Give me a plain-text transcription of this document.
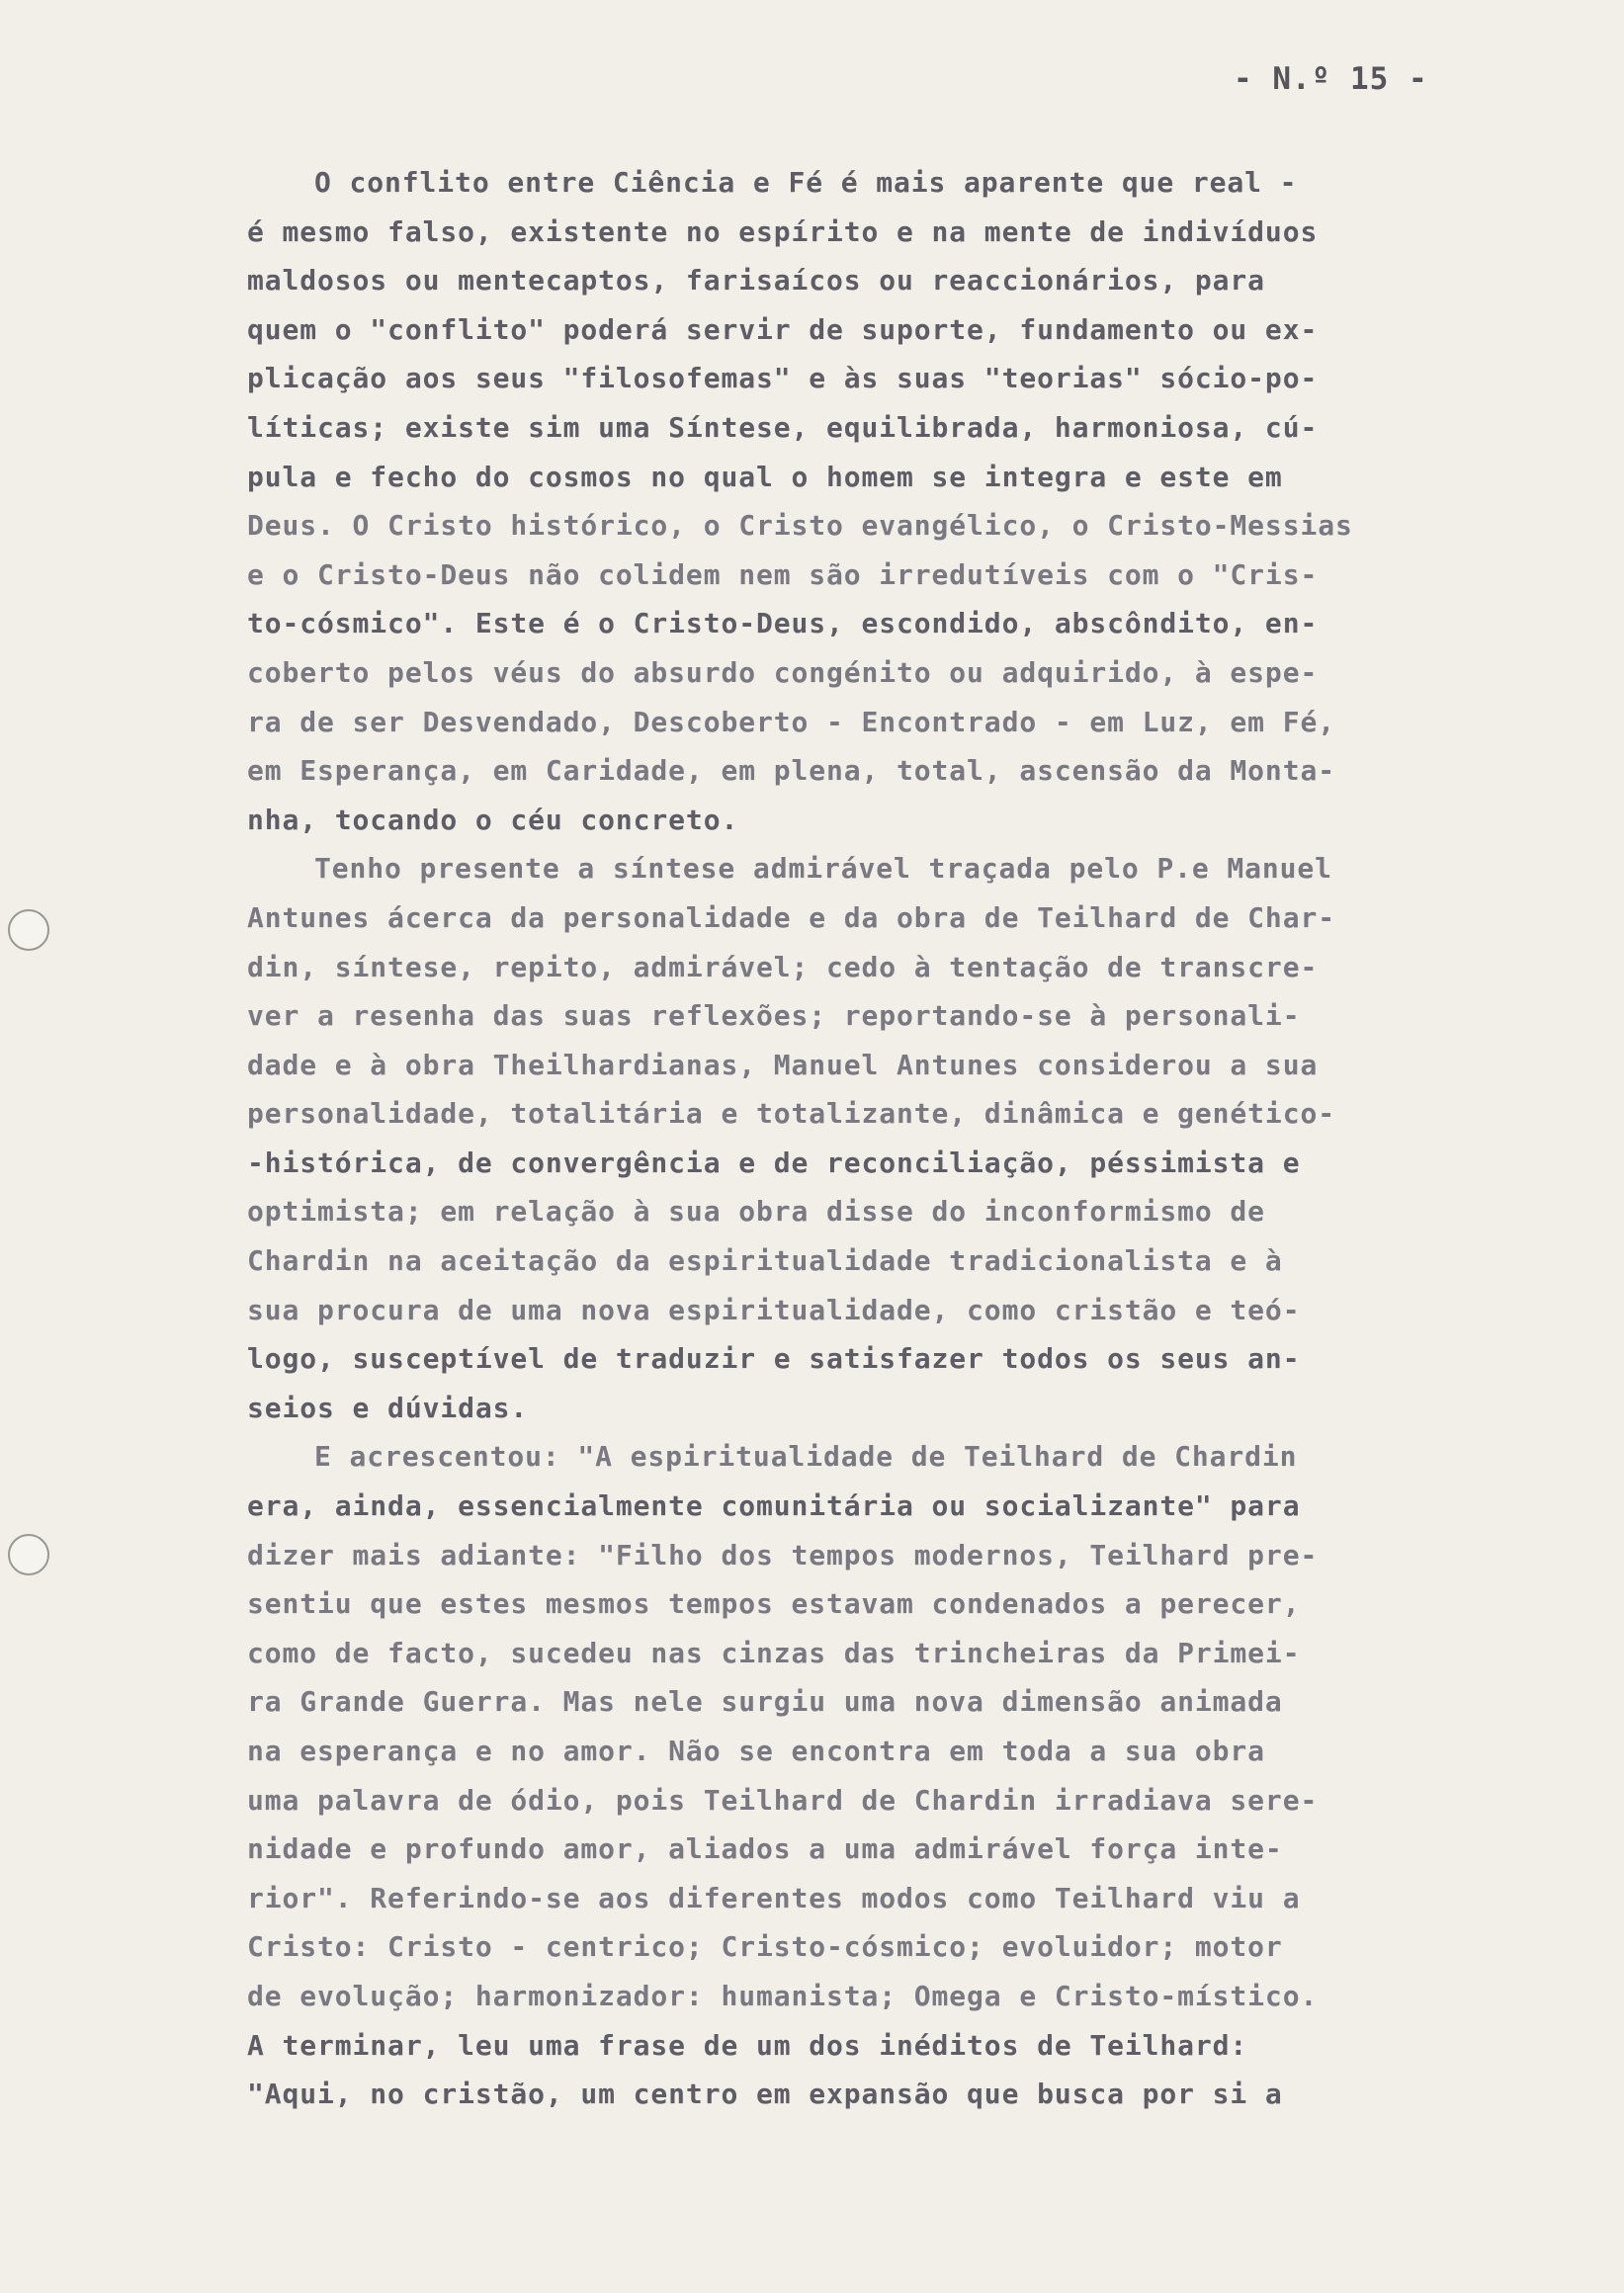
- N.º 15 -
O conflito entre Ciência e Fé é mais aparente que real -
é mesmo falso, existente no espírito e na mente de indivíduos
maldosos ou mentecaptos, farisaícos ou reaccionários, para
quem o "conflito" poderá servir de suporte, fundamento ou ex-
plicação aos seus "filosofemas" e às suas "teorias" sócio-po-
líticas; existe sim uma Síntese, equilibrada, harmoniosa, cú-
pula e fecho do cosmos no qual o homem se integra e este em
Deus. O Cristo histórico, o Cristo evangélico, o Cristo-Messias
e o Cristo-Deus não colidem nem são irredutíveis com o "Cris-
to-cósmico". Este é o Cristo-Deus, escondido, abscôndito, en-
coberto pelos véus do absurdo congénito ou adquirido, à espe-
ra de ser Desvendado, Descoberto - Encontrado - em Luz, em Fé,
em Esperança, em Caridade, em plena, total, ascensão da Monta-
nha, tocando o céu concreto.
Tenho presente a síntese admirável traçada pelo P.e Manuel
Antunes ácerca da personalidade e da obra de Teilhard de Char-
din, síntese, repito, admirável; cedo à tentação de transcre-
ver a resenha das suas reflexões; reportando-se à personali-
dade e à obra Theilhardianas, Manuel Antunes considerou a sua
personalidade, totalitária e totalizante, dinâmica e genético-
-histórica, de convergência e de reconciliação, péssimista e
optimista; em relação à sua obra disse do inconformismo de
Chardin na aceitação da espiritualidade tradicionalista e à
sua procura de uma nova espiritualidade, como cristão e teó-
logo, susceptível de traduzir e satisfazer todos os seus an-
seios e dúvidas.
E acrescentou: "A espiritualidade de Teilhard de Chardin
era, ainda, essencialmente comunitária ou socializante" para
dizer mais adiante: "Filho dos tempos modernos, Teilhard pre-
sentiu que estes mesmos tempos estavam condenados a perecer,
como de facto, sucedeu nas cinzas das trincheiras da Primei-
ra Grande Guerra. Mas nele surgiu uma nova dimensão animada
na esperança e no amor. Não se encontra em toda a sua obra
uma palavra de ódio, pois Teilhard de Chardin irradiava sere-
nidade e profundo amor, aliados a uma admirável força inte-
rior". Referindo-se aos diferentes modos como Teilhard viu a
Cristo: Cristo - centrico; Cristo-cósmico; evoluidor; motor
de evolução; harmonizador: humanista; Omega e Cristo-místico.
A terminar, leu uma frase de um dos inéditos de Teilhard:
"Aqui, no cristão, um centro em expansão que busca por si a
